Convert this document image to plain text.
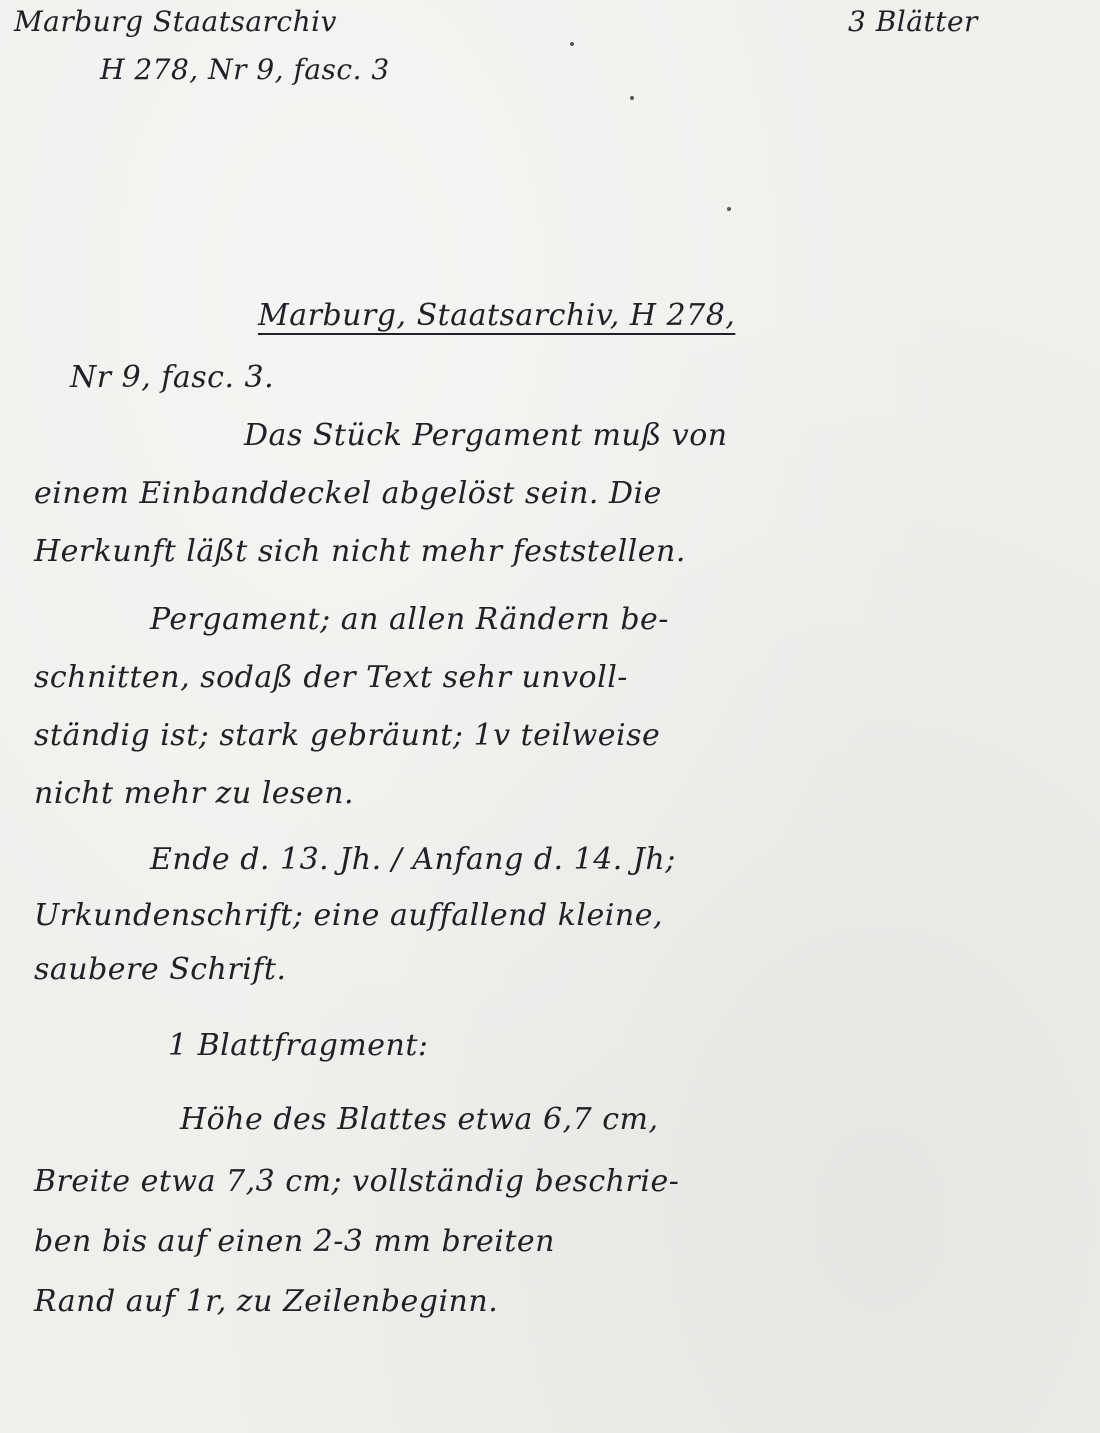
Marburg Staatsarchiv	3 Blätter
H 278, Nr 9, fasc. 3
Marburg, Staatsarchiv, H 278,
Nr 9, fasc. 3.
Das Stück Pergament muß von
einem Einbanddeckel abgelöst sein. Die
Herkunft läßt sich nicht mehr feststellen.
Pergament; an allen Rändern be-
schnitten, sodaß der Text sehr unvoll-
ständig ist; stark gebräunt; 1v teilweise
nicht mehr zu lesen.
Ende d. 13. Jh. / Anfang d. 14. Jh;
Urkundenschrift; eine auffallend kleine,
saubere Schrift.
1 Blattfragment:
Höhe des Blattes etwa 6,7 cm,
Breite etwa 7,3 cm; vollständig beschrie-
ben bis auf einen 2-3 mm breiten
Rand auf 1r, zu Zeilenbeginn.
